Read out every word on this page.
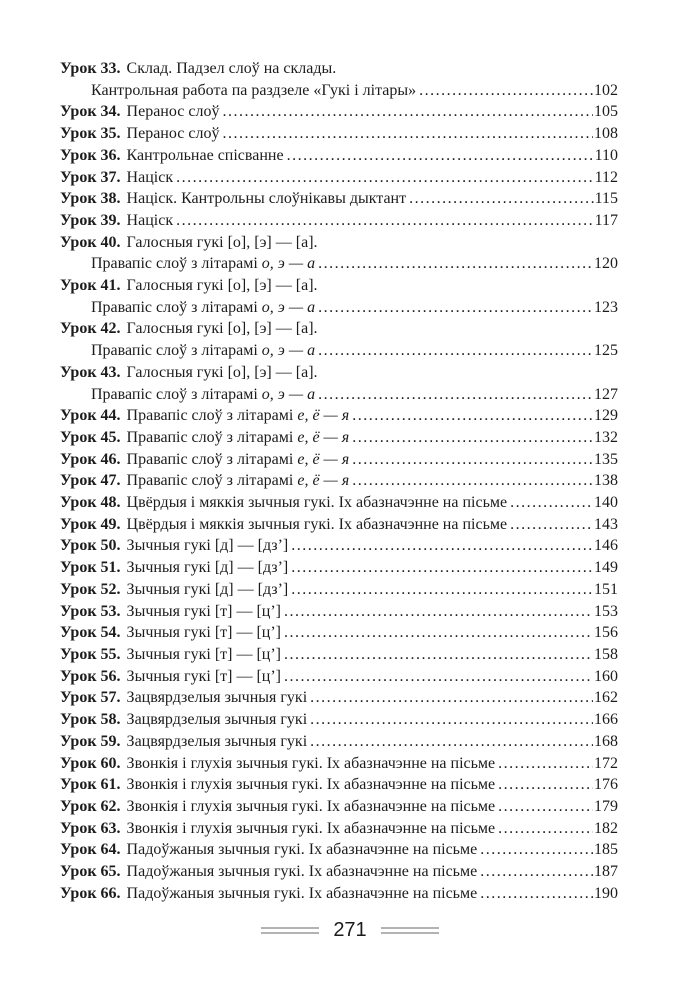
Урок 33. Склад. Падзел слоў на склады.
Кантрольная работа па раздзеле «Гукі і літары» .....	102
Урок 34. Перанос слоў .....	105
Урок 35. Перанос слоў .....	108
Урок 36. Кантрольнае спісванне .....	110
Урок 37. Націск .....	112
Урок 38. Націск. Кантрольны слоўнікавы дыктант .....	115
Урок 39. Націск .....	117
Урок 40. Галосныя гукі [о], [э] — [а].
Правапіс слоў з літарамі о, э — а .....	120
Урок 41. Галосныя гукі [о], [э] — [а].
Правапіс слоў з літарамі о, э — а .....	123
Урок 42. Галосныя гукі [о], [э] — [а].
Правапіс слоў з літарамі о, э — а .....	125
Урок 43. Галосныя гукі [о], [э] — [а].
Правапіс слоў з літарамі о, э — а .....	127
Урок 44. Правапіс слоў з літарамі е, ё — я .....	129
Урок 45. Правапіс слоў з літарамі е, ё — я .....	132
Урок 46. Правапіс слоў з літарамі е, ё — я .....	135
Урок 47. Правапіс слоў з літарамі е, ё — я .....	138
Урок 48. Цвёрдыя і мяккія зычныя гукі. Іх абазначэнне на пісьме .....	140
Урок 49. Цвёрдыя і мяккія зычныя гукі. Іх абазначэнне на пісьме .....	143
Урок 50. Зычныя гукі [д] — [дз’] .....	146
Урок 51. Зычныя гукі [д] — [дз’] .....	149
Урок 52. Зычныя гукі [д] — [дз’] .....	151
Урок 53. Зычныя гукі [т] — [ц’] .....	153
Урок 54. Зычныя гукі [т] — [ц’] .....	156
Урок 55. Зычныя гукі [т] — [ц’] .....	158
Урок 56. Зычныя гукі [т] — [ц’] .....	160
Урок 57. Зацвярдзелыя зычныя гукі .....	162
Урок 58. Зацвярдзелыя зычныя гукі .....	166
Урок 59. Зацвярдзелыя зычныя гукі .....	168
Урок 60. Звонкія і глухія зычныя гукі. Іх абазначэнне на пісьме .....	172
Урок 61. Звонкія і глухія зычныя гукі. Іх абазначэнне на пісьме .....	176
Урок 62. Звонкія і глухія зычныя гукі. Іх абазначэнне на пісьме .....	179
Урок 63. Звонкія і глухія зычныя гукі. Іх абазначэнне на пісьме .....	182
Урок 64. Падоўжаныя зычныя гукі. Іх абазначэнне на пісьме .....	185
Урок 65. Падоўжаныя зычныя гукі. Іх абазначэнне на пісьме .....	187
Урок 66. Падоўжаныя зычныя гукі. Іх абазначэнне на пісьме .....	190
271
